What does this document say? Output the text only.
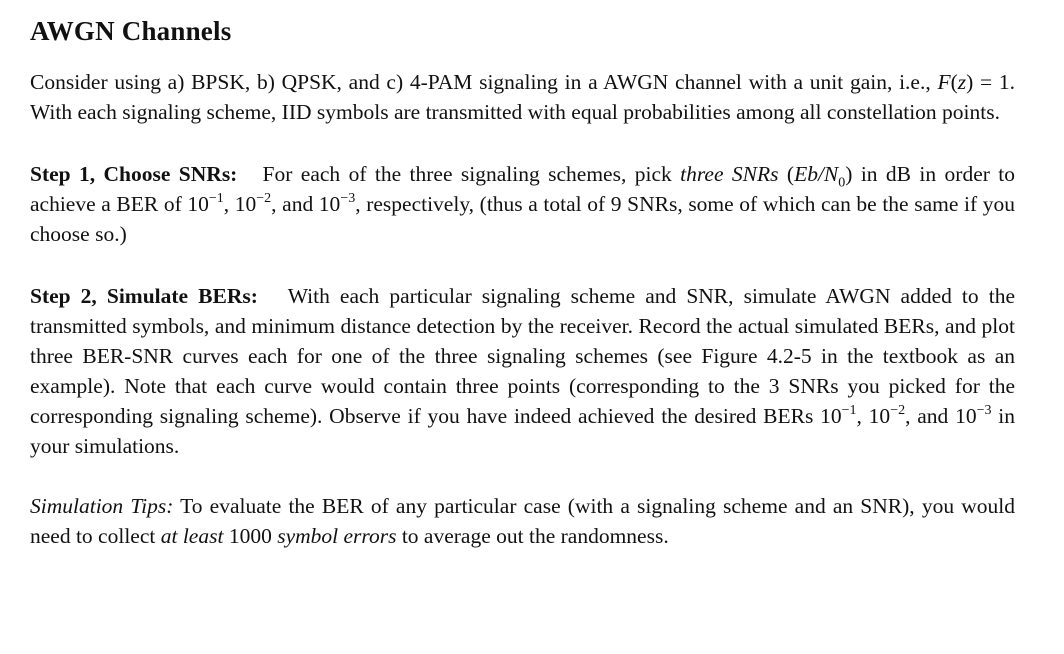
AWGN Channels

Consider using a) BPSK, b) QPSK, and c) 4-PAM signaling in a AWGN channel with a unit gain, i.e., F(z) = 1. With each signaling scheme, IID symbols are transmitted with equal probabilities among all constellation points.

Step 1, Choose SNRs: For each of the three signaling schemes, pick three SNRs $(Eb/N_0)$ in dB in order to achieve a BER of $10^{-1}$, $10^{-2}$, and $10^{-3}$, respectively, (thus a total of 9 SNRs, some of which can be the same if you choose so.)

Step 2, Simulate BERs: With each particular signaling scheme and SNR, simulate AWGN added to the transmitted symbols, and minimum distance detection by the receiver. Record the actual simulated BERs, and plot three BER-SNR curves each for one of the three signaling schemes (see Figure 4.2-5 in the textbook as an example). Note that each curve would contain three points (corresponding to the 3 SNRs you picked for the corresponding signaling scheme). Observe if you have indeed achieved the desired BERs $10^{-1}$, $10^{-2}$, and $10^{-3}$ in your simulations.

Simulation Tips: To evaluate the BER of any particular case (with a signaling scheme and an SNR), you would need to collect at least 1000 symbol errors to average out the randomness.
